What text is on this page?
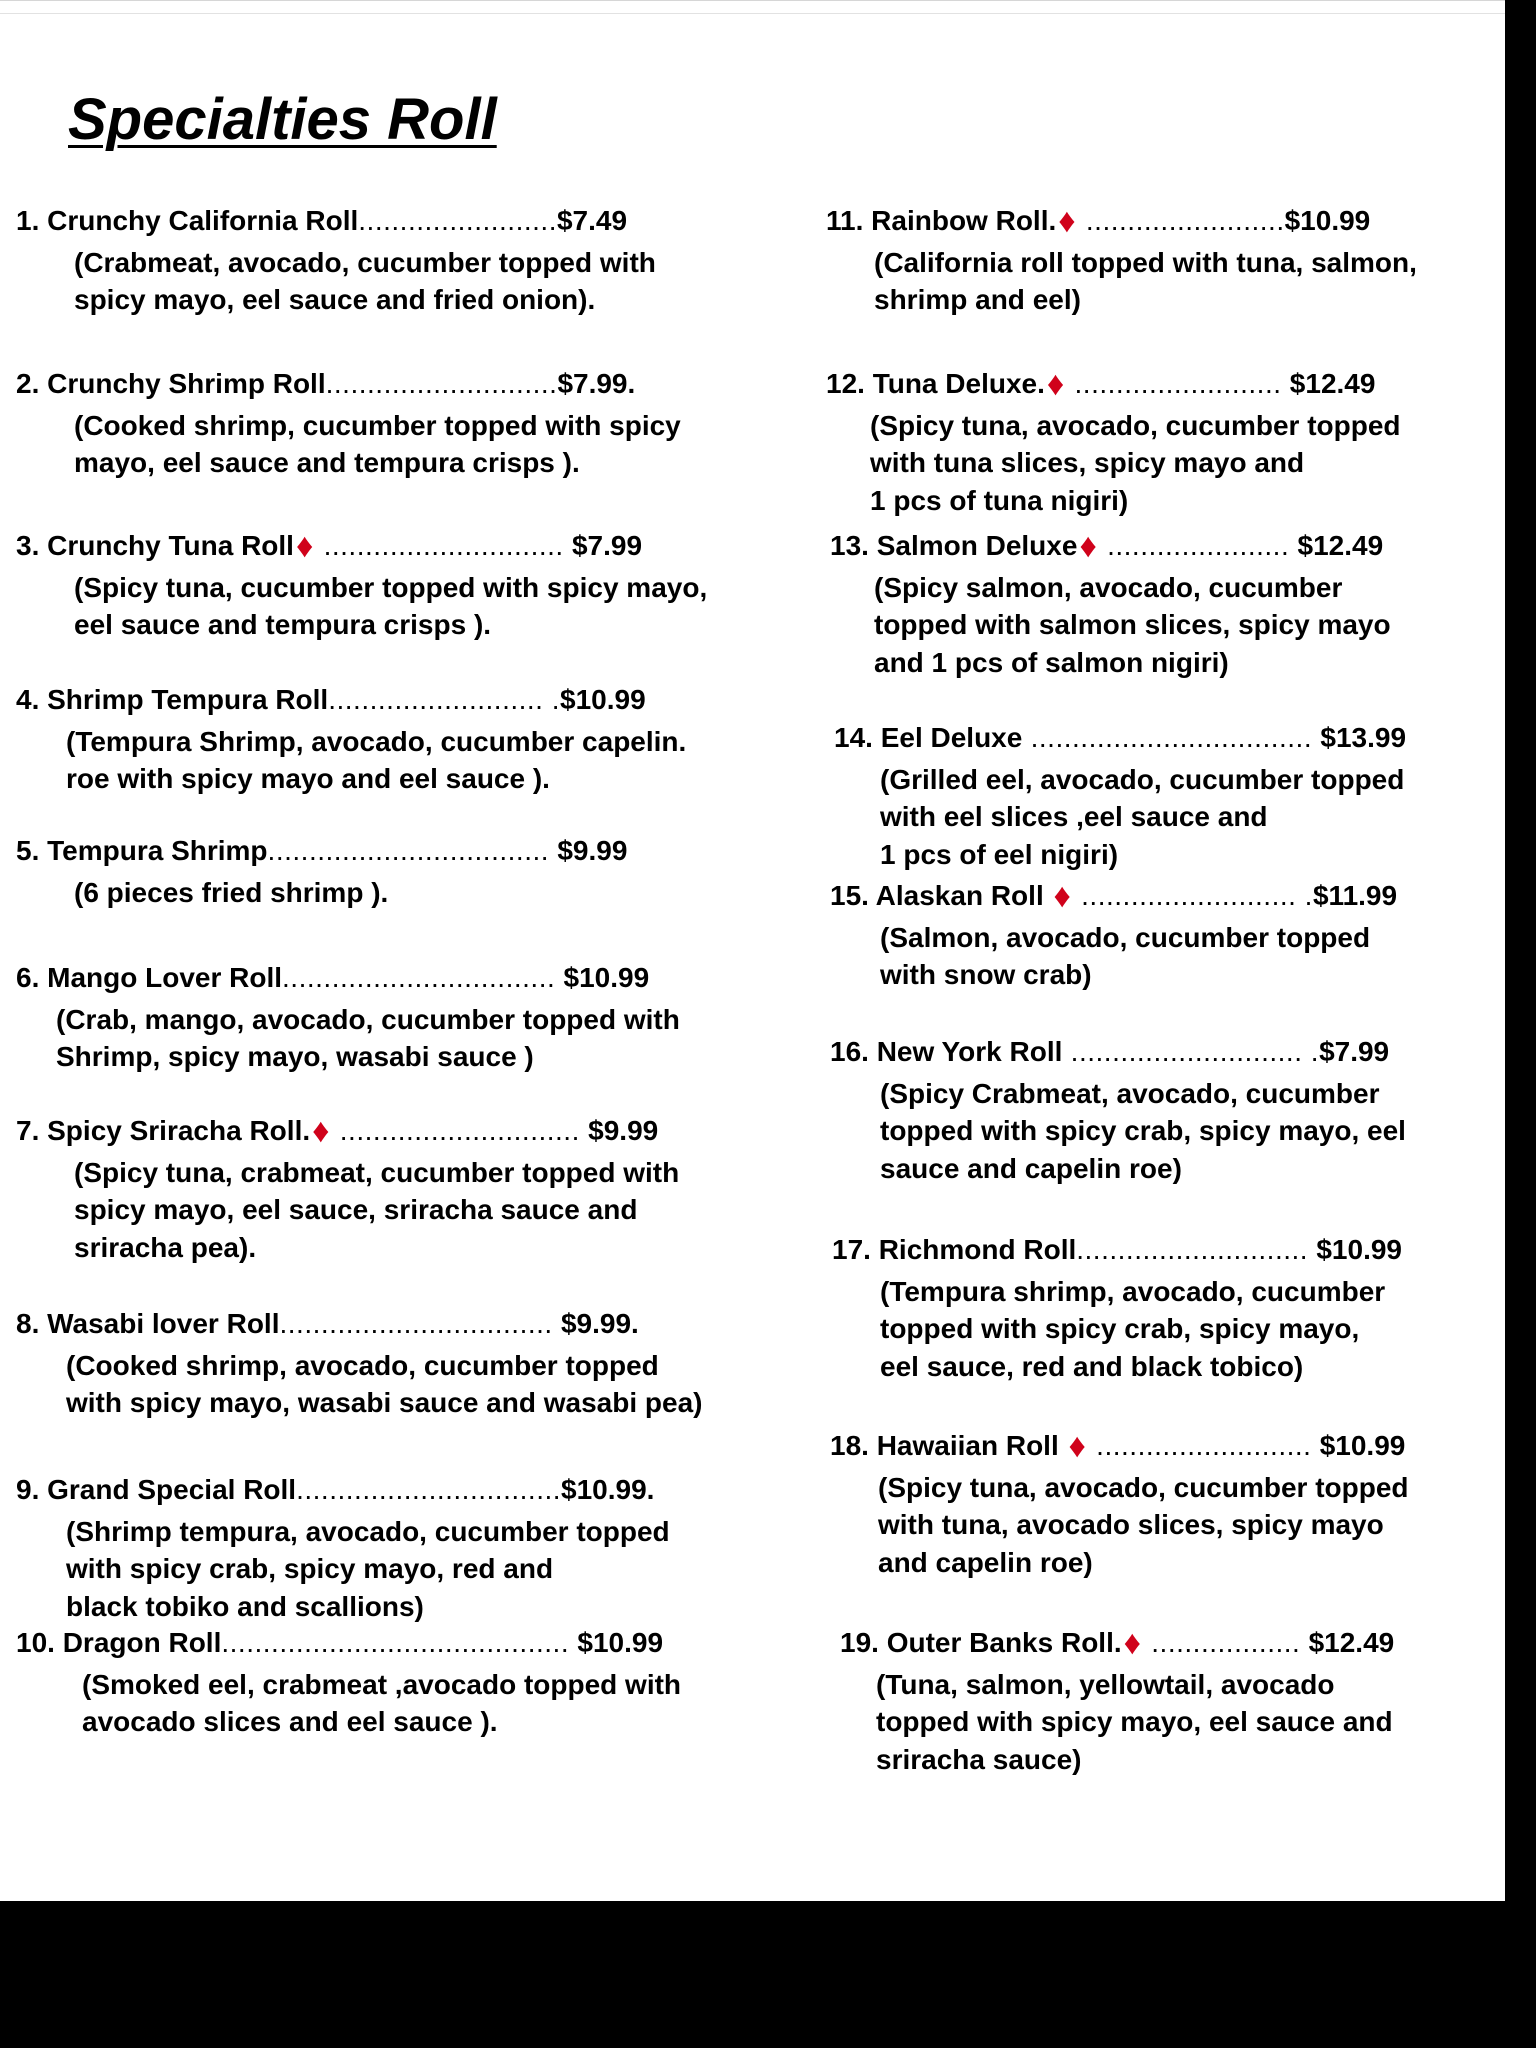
Specialties Roll
1. Crunchy California Roll........................$7.49
(Crabmeat, avocado, cucumber topped with
spicy mayo, eel sauce and fried onion).
2. Crunchy Shrimp Roll............................$7.99.
(Cooked shrimp, cucumber topped with spicy
mayo, eel sauce and tempura crisps ).
3. Crunchy Tuna Roll♦ ............................. $7.99
(Spicy tuna, cucumber topped with spicy mayo,
eel sauce and tempura crisps ).
4. Shrimp Tempura Roll.......................... .$10.99
(Tempura Shrimp, avocado, cucumber capelin.
roe with spicy mayo and eel sauce ).
5. Tempura Shrimp.................................. $9.99
(6 pieces fried shrimp ).
6. Mango Lover Roll................................. $10.99
(Crab, mango, avocado, cucumber topped with
Shrimp, spicy mayo, wasabi sauce )
7. Spicy Sriracha Roll.♦ ............................. $9.99
(Spicy tuna, crabmeat, cucumber topped with
spicy mayo, eel sauce, sriracha sauce and
sriracha pea).
8. Wasabi lover Roll................................. $9.99.
(Cooked shrimp, avocado, cucumber topped
with spicy mayo, wasabi sauce and wasabi pea)
9. Grand Special Roll................................$10.99.
(Shrimp tempura, avocado, cucumber topped
with spicy crab, spicy mayo, red and
black tobiko and scallions)
10. Dragon Roll.......................................... $10.99
(Smoked eel, crabmeat ,avocado topped with
avocado slices and eel sauce ).
11. Rainbow Roll.♦ ........................$10.99
(California roll topped with tuna, salmon,
shrimp and eel)
12. Tuna Deluxe.♦ ......................... $12.49
(Spicy tuna, avocado, cucumber topped
with tuna slices, spicy mayo and
1 pcs of tuna nigiri)
13. Salmon Deluxe♦ ...................... $12.49
(Spicy salmon, avocado, cucumber
topped with salmon slices, spicy mayo
and 1 pcs of salmon nigiri)
14. Eel Deluxe .................................. $13.99
(Grilled eel, avocado, cucumber topped
with eel slices ,eel sauce and
1 pcs of eel nigiri)
15. Alaskan Roll ♦ .......................... .$11.99
(Salmon, avocado, cucumber topped
with snow crab)
16. New York Roll ............................ .$7.99
(Spicy Crabmeat, avocado, cucumber
topped with spicy crab, spicy mayo, eel
sauce and capelin roe)
17. Richmond Roll............................ $10.99
(Tempura shrimp, avocado, cucumber
topped with spicy crab, spicy mayo,
eel sauce, red and black tobico)
18. Hawaiian Roll ♦ .......................... $10.99
(Spicy tuna, avocado, cucumber topped
with tuna, avocado slices, spicy mayo
and capelin roe)
19. Outer Banks Roll.♦ .................. $12.49
(Tuna, salmon, yellowtail, avocado
topped with spicy mayo, eel sauce and
sriracha sauce)
